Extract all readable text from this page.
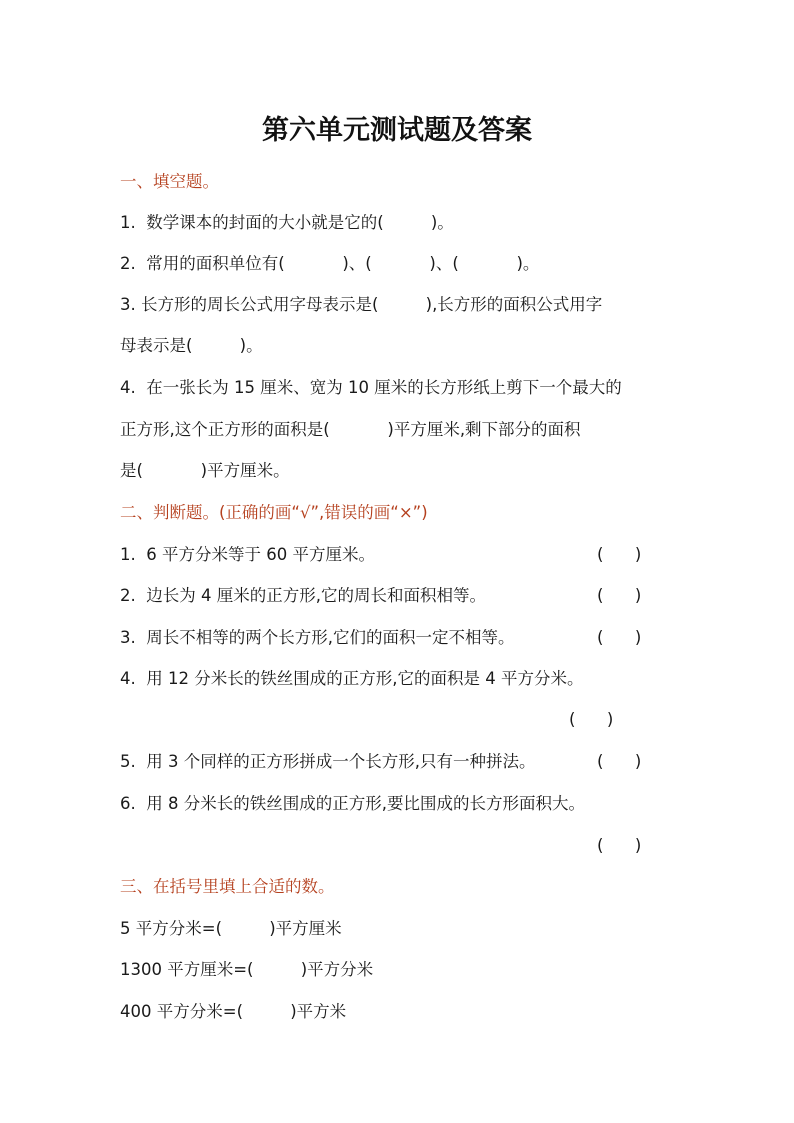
第六单元测试题及答案
一、填空题。
1.  数学课本的封面的大小就是它的(         )。
2.  常用的面积单位有(           )、(           )、(           )。
3. 长方形的周长公式用字母表示是(         ),长方形的面积公式用字
母表示是(         )。
4.  在一张长为 15 厘米、宽为 10 厘米的长方形纸上剪下一个最大的
正方形,这个正方形的面积是(           )平方厘米,剩下部分的面积
是(           )平方厘米。
二、判断题。(正确的画“√”,错误的画“×”)
1.  6 平方分米等于 60 平方厘米。	(      )
2.  边长为 4 厘米的正方形,它的周长和面积相等。	(      )
3.  周长不相等的两个长方形,它们的面积一定不相等。	(      )
4.  用 12 分米长的铁丝围成的正方形,它的面积是 4 平方分米。
(      )
5.  用 3 个同样的正方形拼成一个长方形,只有一种拼法。	(      )
6.  用 8 分米长的铁丝围成的正方形,要比围成的长方形面积大。
(      )
三、在括号里填上合适的数。
5 平方分米=(         )平方厘米
1300 平方厘米=(         )平方分米
400 平方分米=(         )平方米
